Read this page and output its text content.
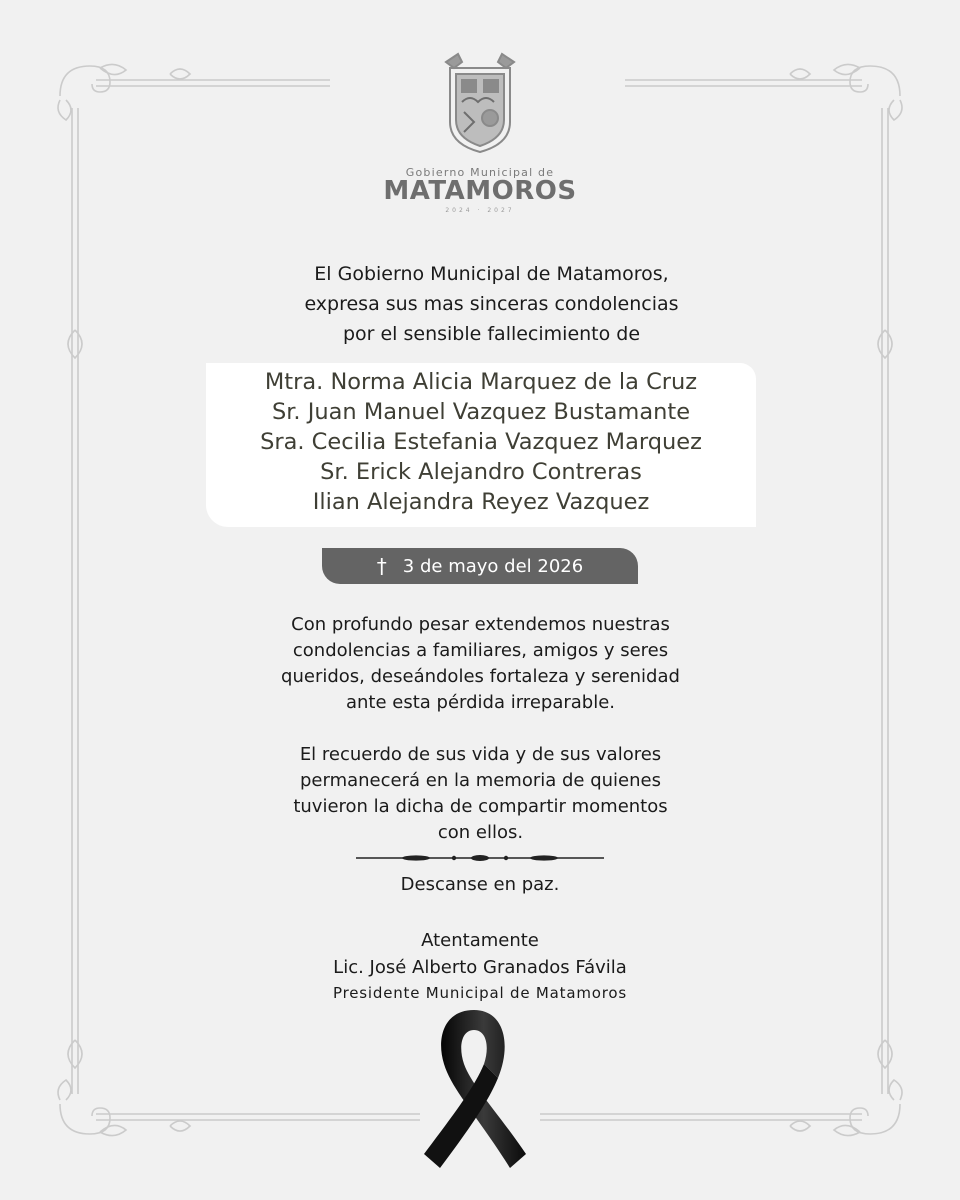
Gobierno Municipal de
MATAMOROS
2024 · 2027
El Gobierno Municipal de Matamoros,
expresa sus mas sinceras condolencias
por el sensible fallecimiento de
Mtra. Norma Alicia Marquez de la Cruz
Sr. Juan Manuel Vazquez Bustamante
Sra. Cecilia Estefania Vazquez Marquez
Sr. Erick Alejandro Contreras
Ilian Alejandra Reyez Vazquez
† 3 de mayo del 2026
Con profundo pesar extendemos nuestras
condolencias a familiares, amigos y seres
queridos, deseándoles fortaleza y serenidad
ante esta pérdida irreparable.
El recuerdo de sus vida y de sus valores
permanecerá en la memoria de quienes
tuvieron la dicha de compartir momentos
con ellos.
Descanse en paz.
Atentamente
Lic. José Alberto Granados Fávila
Presidente Municipal de Matamoros
